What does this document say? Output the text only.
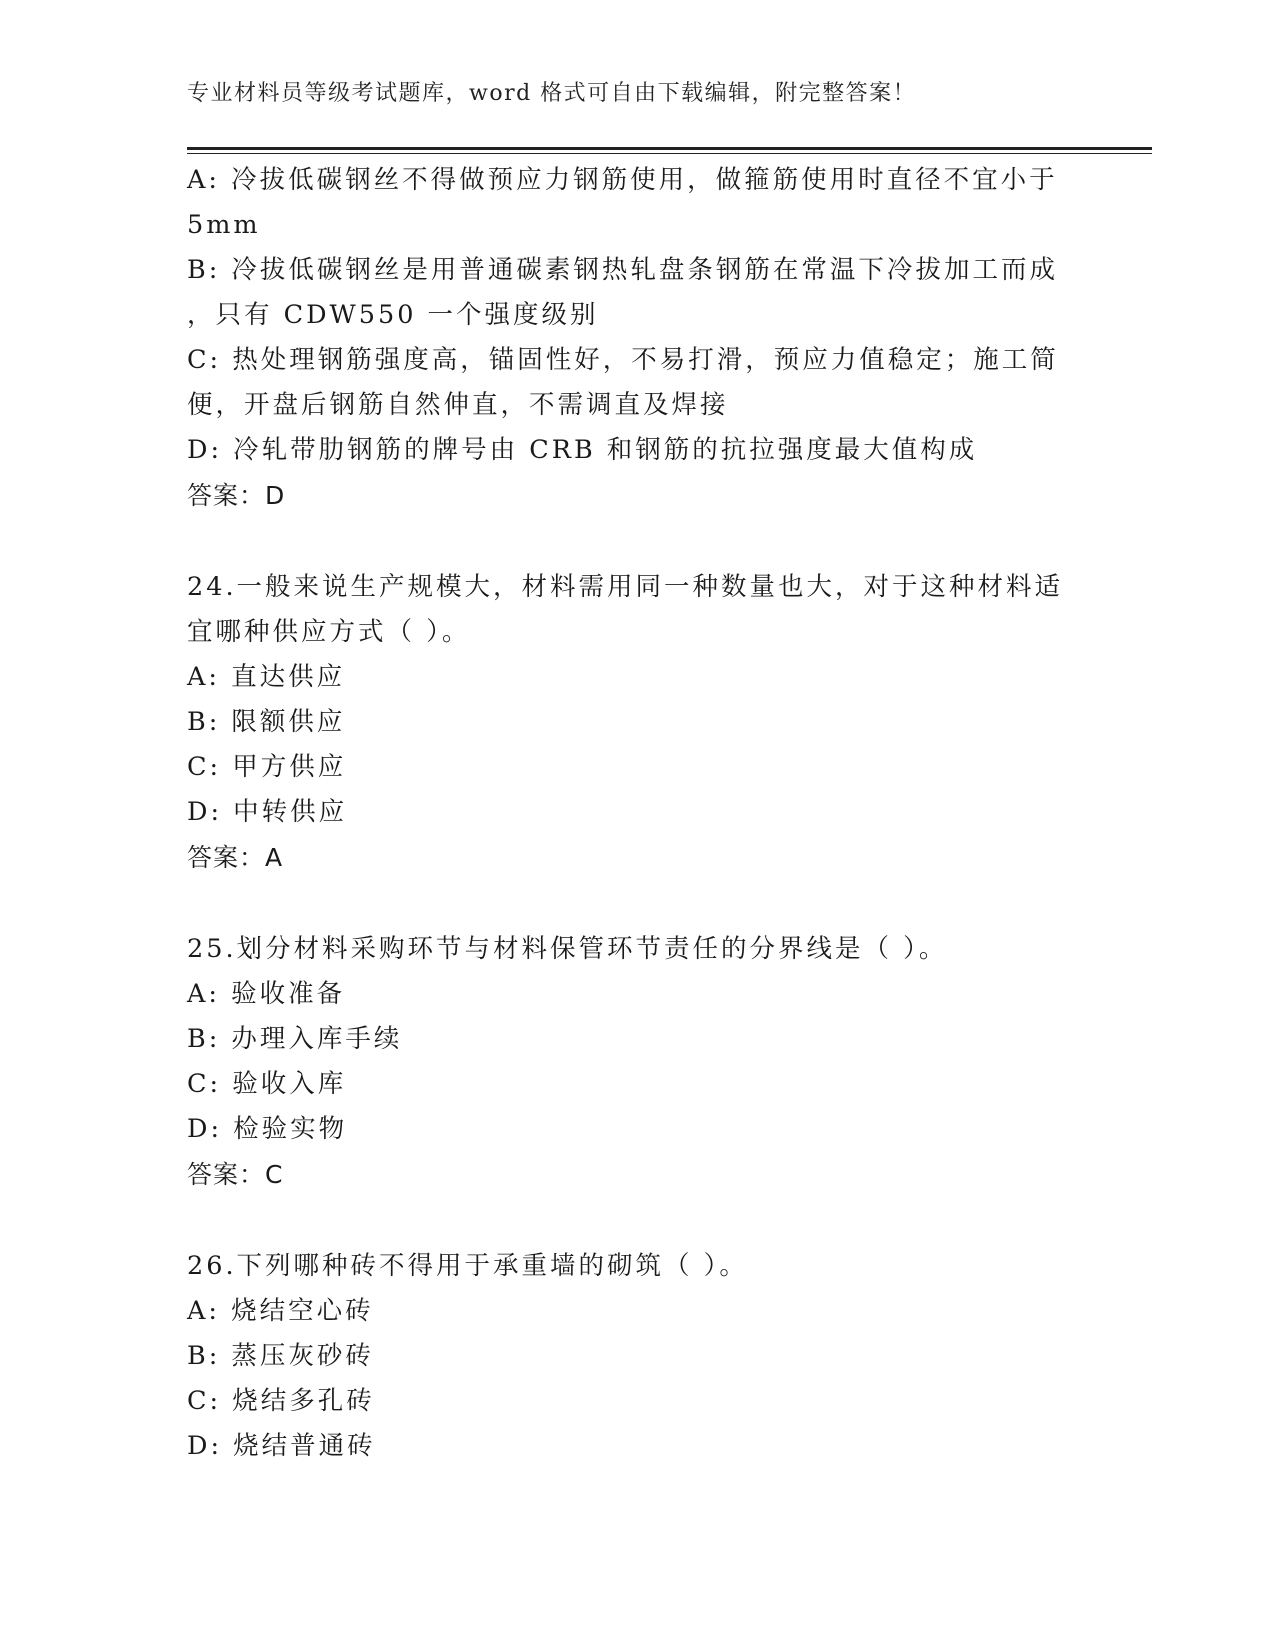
专业材料员等级考试题库，word 格式可自由下载编辑，附完整答案！
A: 冷拔低碳钢丝不得做预应力钢筋使用，做箍筋使用时直径不宜小于
5mm
B: 冷拔低碳钢丝是用普通碳素钢热轧盘条钢筋在常温下冷拔加工而成
，只有 CDW550 一个强度级别
C: 热处理钢筋强度高，锚固性好，不易打滑，预应力值稳定；施工简
便，开盘后钢筋自然伸直，不需调直及焊接
D: 冷轧带肋钢筋的牌号由 CRB 和钢筋的抗拉强度最大值构成
答案：D
24.一般来说生产规模大，材料需用同一种数量也大，对于这种材料适
宜哪种供应方式（ ）。
A: 直达供应
B: 限额供应
C: 甲方供应
D: 中转供应
答案：A
25.划分材料采购环节与材料保管环节责任的分界线是（ ）。
A: 验收准备
B: 办理入库手续
C: 验收入库
D: 检验实物
答案：C
26.下列哪种砖不得用于承重墙的砌筑（ ）。
A: 烧结空心砖
B: 蒸压灰砂砖
C: 烧结多孔砖
D: 烧结普通砖
